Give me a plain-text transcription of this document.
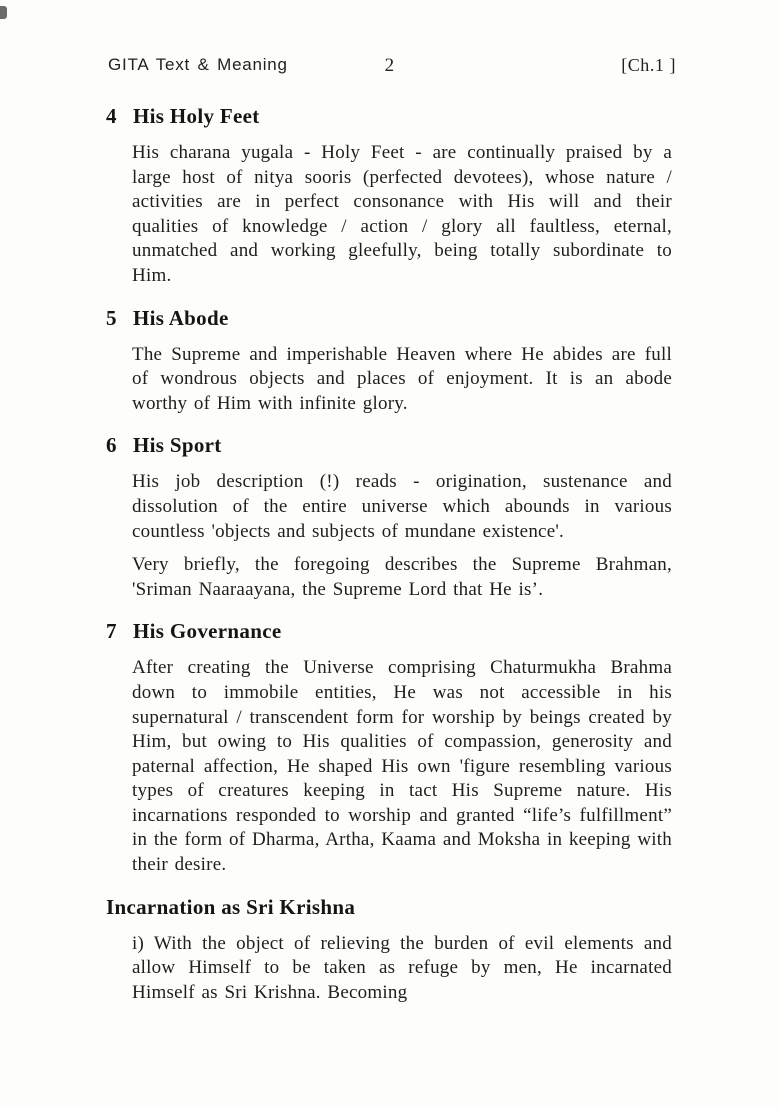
GITA Text & Meaning	2	[Ch.1 ]
4 His Holy Feet

His charana yugala - Holy Feet - are continually praised by a large host of nitya sooris (perfected devotees), whose nature / activities are in perfect consonance with His will and their qualities of knowledge / action / glory all faultless, eternal, unmatched and working gleefully, being totally subordinate to Him.

5 His Abode

The Supreme and imperishable Heaven where He abides are full of wondrous objects and places of enjoyment. It is an abode worthy of Him with infinite glory.

6 His Sport

His job description (!) reads - origination, sustenance and dissolution of the entire universe which abounds in various countless 'objects and subjects of mundane existence'.

Very briefly, the foregoing describes the Supreme Brahman, 'Sriman Naaraayana, the Supreme Lord that He is’.

7 His Governance

After creating the Universe comprising Chaturmukha Brahma down to immobile entities, He was not accessible in his supernatural / transcendent form for worship by beings created by Him, but owing to His qualities of compassion, generosity and paternal affection, He shaped His own 'figure resembling various types of creatures keeping in tact His Supreme nature. His incarnations responded to worship and granted “life’s fulfillment” in the form of Dharma, Artha, Kaama and Moksha in keeping with their desire.

Incarnation as Sri Krishna

i) With the object of relieving the burden of evil elements and allow Himself to be taken as refuge by men, He incarnated Himself as Sri Krishna. Becoming
